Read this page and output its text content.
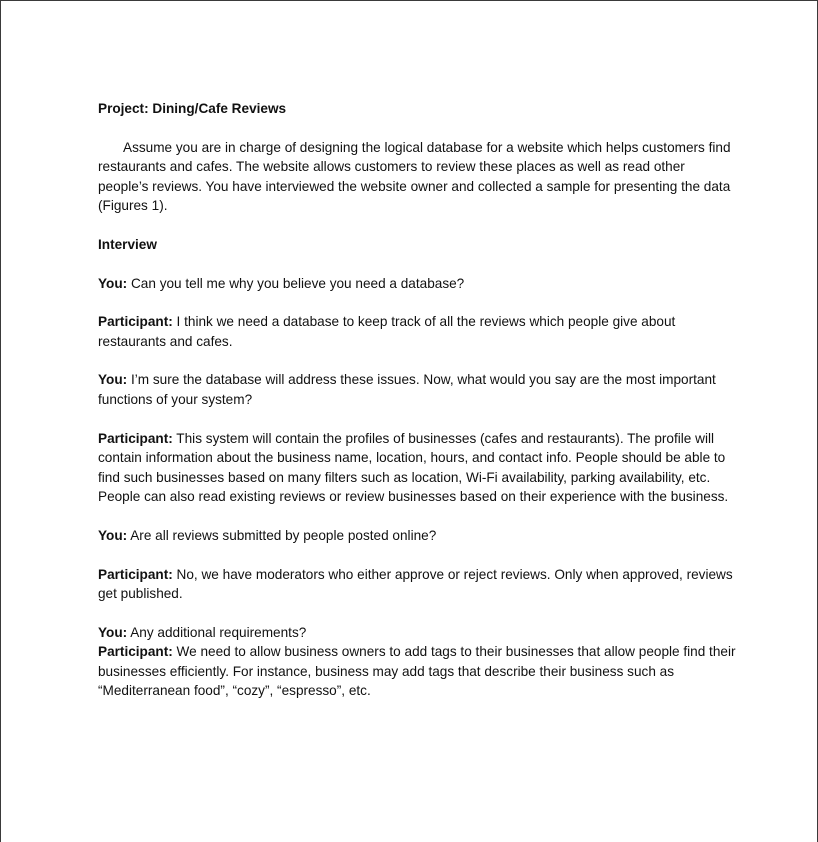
Project: Dining/Cafe Reviews

Assume you are in charge of designing the logical database for a website which helps customers find restaurants and cafes. The website allows customers to review these places as well as read other people’s reviews. You have interviewed the website owner and collected a sample for presenting the data (Figures 1).

Interview

You: Can you tell me why you believe you need a database?

Participant: I think we need a database to keep track of all the reviews which people give about restaurants and cafes.

You: I’m sure the database will address these issues. Now, what would you say are the most important functions of your system?

Participant: This system will contain the profiles of businesses (cafes and restaurants). The profile will contain information about the business name, location, hours, and contact info. People should be able to find such businesses based on many filters such as location, Wi-Fi availability, parking availability, etc. People can also read existing reviews or review businesses based on their experience with the business.

You: Are all reviews submitted by people posted online?

Participant: No, we have moderators who either approve or reject reviews. Only when approved, reviews get published.

You: Any additional requirements?

Participant: We need to allow business owners to add tags to their businesses that allow people find their businesses efficiently. For instance, business may add tags that describe their business such as “Mediterranean food”, “cozy”, “espresso”, etc.
